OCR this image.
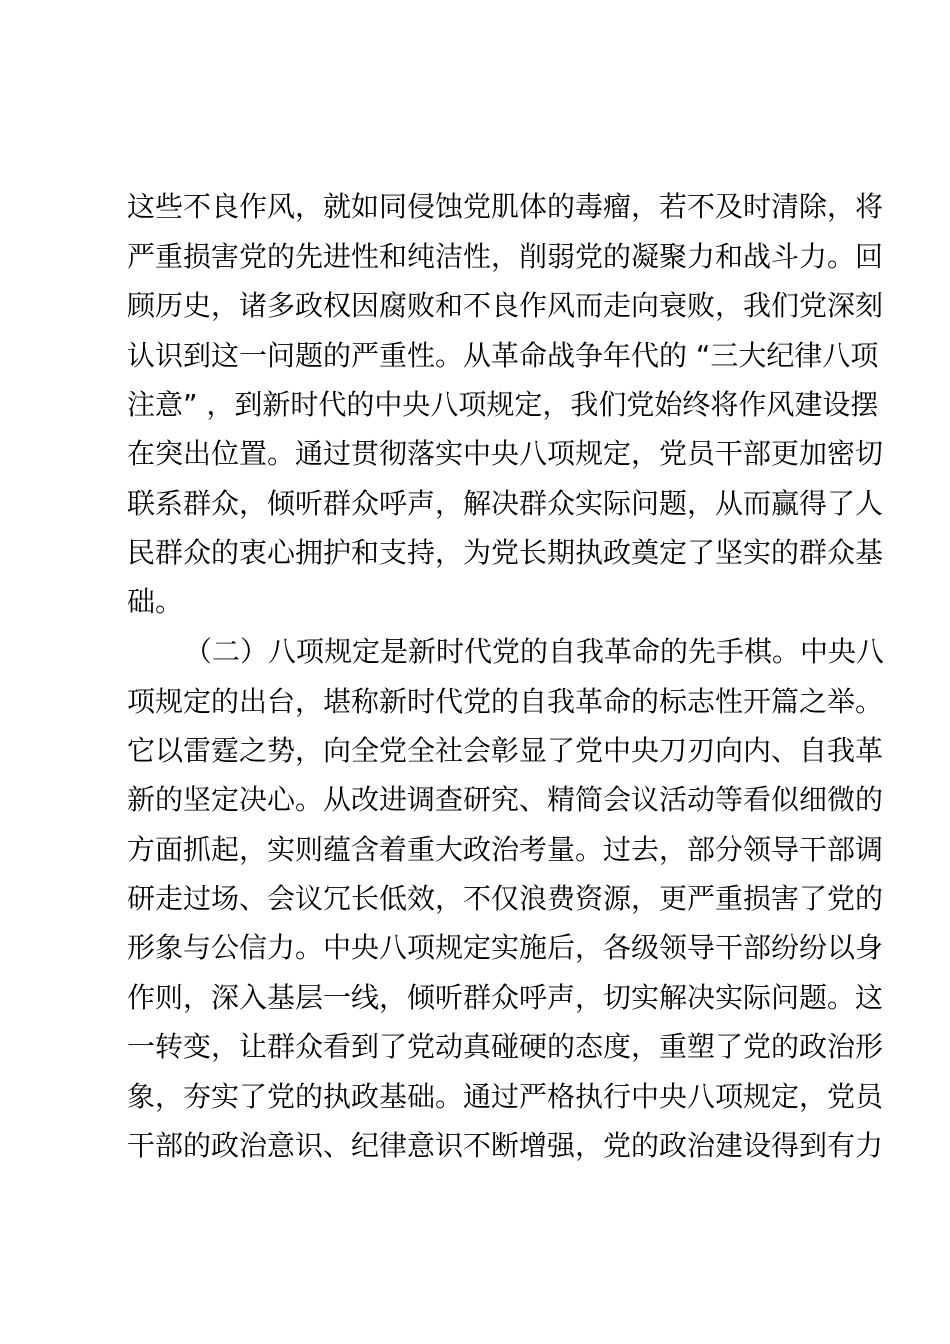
这些不良作风，就如同侵蚀党肌体的毒瘤，若不及时清除，将
严重损害党的先进性和纯洁性，削弱党的凝聚力和战斗力。回
顾历史，诸多政权因腐败和不良作风而走向衰败，我们党深刻
认识到这一问题的严重性。从革命战争年代的 “三大纪律八项
注意” ，到新时代的中央八项规定，我们党始终将作风建设摆
在突出位置。通过贯彻落实中央八项规定，党员干部更加密切
联系群众，倾听群众呼声，解决群众实际问题，从而赢得了人
民群众的衷心拥护和支持，为党长期执政奠定了坚实的群众基
础。
（二）八项规定是新时代党的自我革命的先手棋。中央八
项规定的出台，堪称新时代党的自我革命的标志性开篇之举。
它以雷霆之势，向全党全社会彰显了党中央刀刃向内、自我革
新的坚定决心。从改进调查研究、精简会议活动等看似细微的
方面抓起，实则蕴含着重大政治考量。过去，部分领导干部调
研走过场、会议冗长低效，不仅浪费资源，更严重损害了党的
形象与公信力。中央八项规定实施后，各级领导干部纷纷以身
作则，深入基层一线，倾听群众呼声，切实解决实际问题。这
一转变，让群众看到了党动真碰硬的态度，重塑了党的政治形
象，夯实了党的执政基础。通过严格执行中央八项规定，党员
干部的政治意识、纪律意识不断增强，党的政治建设得到有力
